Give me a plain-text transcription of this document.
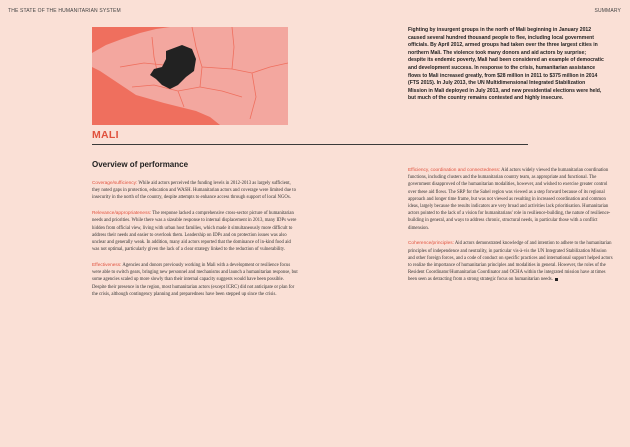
THE STATE OF THE HUMANITARIAN SYSTEM	SUMMARY
MALI

Fighting by insurgent groups in the north of Mali beginning in January 2012 caused several hundred thousand people to flee, including local government officials. By April 2012, armed groups had taken over the three largest cities in northern Mali. The violence took many donors and aid actors by surprise; despite its endemic poverty, Mali had been considered an example of democratic and development success. In response to the crisis, humanitarian assistance flows to Mali increased greatly, from $28 million in 2011 to $375 million in 2014 (FTS 2015). In July 2013, the UN Multidimensional Integrated Stabilization Mission in Mali deployed in July 2013, and new presidential elections were held, but much of the country remains contested and highly insecure.

Overview of performance

Coverage/sufficiency: While aid actors perceived the funding levels in 2012-2013 as largely sufficient, they noted gaps in protection, education and WASH. Humanitarian actors and coverage were limited due to insecurity in the north of the country, despite attempts to enhance access through support of local NGOs.

Relevance/appropriateness: The response lacked a comprehensive cross-sector picture of humanitarian needs and priorities. While there was a sizeable response to internal displacement in 2013, many IDPs were hidden from official view, living with urban host families, which made it simultaneously more difficult to address their needs and easier to overlook them. Leadership on IDPs and on protection issues was also unclear and generally weak. In addition, many aid actors reported that the dominance of in-kind food aid was not optimal, particularly given the lack of a clear strategy linked to the reduction of vulnerability.

Effectiveness: Agencies and donors previously working in Mali with a development or resilience focus were able to switch gears, bringing new personnel and mechanisms and launch a humanitarian response, but some agencies scaled up more slowly than their internal capacity suggests would have been possible. Despite their presence in the region, most humanitarian actors (except ICRC) did not anticipate or plan for the crisis, although contingency planning and preparedness have been stepped up since the crisis.

Efficiency, coordination and connectedness: Aid actors widely viewed the humanitarian coordination functions, including clusters and the humanitarian country team, as appropriate and functional. The government disapproved of the humanitarian modalities, however, and wished to exercise greater control over these aid flows. The SRP for the Sahel region was viewed as a step forward because of its regional approach and longer time frame, but was not viewed as resulting in increased coordination and common ideas, largely because the results indicators are very broad and activities lack prioritisation. Humanitarian actors pointed to the lack of a vision for humanitarians' role in resilience-building, the nature of resilience-building in general, and ways to address chronic, structural needs, in particular those with a conflict dimension.

Coherence/principles: Aid actors demonstrated knowledge of and intention to adhere to the humanitarian principles of independence and neutrality, in particular vis-à-vis the UN Integrated Stabilization Mission and other foreign forces, and a code of conduct on specific practices and international support helped actors to realize the importance of humanitarian principles and modalities in general. However, the roles of the Resident Coordinator/Humanitarian Coordinator and OCHA within the integrated mission have at times been seen as detracting from a strong strategic focus on humanitarian needs.
